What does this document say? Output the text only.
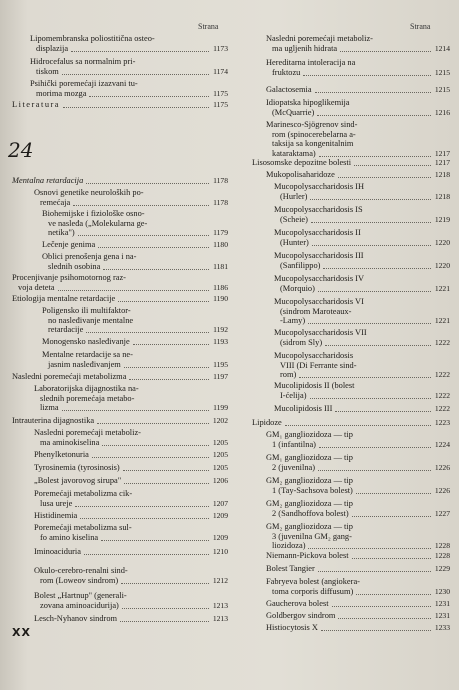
Strana
Lipomembranska poliostitična osteo-
displazija	1173
Hidrocefalus sa normalnim pri-
tiskom	1174
Psihički poremećaji izazvani tu-
morima mozga	1175
Literatura	1175
Mentalna retardacija	1178
Osnovi genetike neuroloških po-
remećaja	1178
Biohemijske i fiziološke osno-
ve nasleđa („Molekularna ge-
netika")	1179
Lečenje genima	1180
Oblici prenošenja gena i na-
slednih osobina	1181
Procenjivanje psihomotornog raz-
voja deteta	1186
Etiologija mentalne retardacije	1190
Poligensko ili multifaktor-
no nasleđivanje mentalne
retardacije	1192
Monogensko nasleđivanje	1193
Mentalne retardacije sa ne-
jasnim nasleđivanjem	1195
Nasledni poremećaji metabolizma	1197
Laboratorijska dijagnostika na-
slednih poremećaja metabo-
lizma	1199
Intrauterina dijagnostika	1202
Nasledni poremećaji metaboliz-
ma aminokiselina	1205
Phenylketonuria	1205
Tyrosinemia (tyrosinosis)	1205
„Bolest javorovog sirupa"	1206
Poremećaji metabolizma cik-
lusa ureje	1207
Histidinemia	1209
Poremećaji metabolizma sul-
fo amino kiselina	1209
Iminoaciduria	1210
Okulo-cerebro-renalni sind-
rom (Loweov sindrom)	1212
Bolest „Hartnup" (generali-
zovana aminoacidurija)	1213
Lesch-Nyhanov sindrom	1213
24
Strana
Nasledni poremećaji metaboliz-
ma ugljenih hidrata	1214
Hereditarna intoleracija na
fruktozu	1215
Galactosemia	1215
Idiopatska hipoglikemija
(McQuarrie)	1216
Marinesco-Sjögrenov sind-
rom (spinocerebelarna a-
taksija sa kongenitalnim
kataraktama)	1217
Lisosomske depozitne bolesti	1217
Mukopolisaharidoze	1218
Mucopolysaccharidosis IH
(Hurler)	1218
Mucopolysaccharidosis IS
(Scheie)	1219
Mucopolysaccharidosis II
(Hunter)	1220
Mucopolysaccharidosis III
(Sanfilippo)	1220
Mucopolysaccharidosis IV
(Morquio)	1221
Mucopolysaccharidosis VI
(sindrom Maroteaux-
-Lamy)	1221
Mucopolysaccharidosis VII
(sidrom Sly)	1222
Mucopolysaccharidosis
VIII (Di Ferrante sind-
rom)	1222
Mucolipidosis II (bolest
I-ćelija)	1222
Mucolipidosis III	1222
Lipidoze	1223
GM₁ gangliozidoza — tip
1 (infantilna)	1224
GM₁ gangliozidoza — tip
2 (juvenilna)	1226
GM₂ gangliozidoza — tip
1 (Tay-Sachsova bolest)	1226
GM₂ gangliozidoza — tip
2 (Sandhoffova bolest)	1227
GM₂ gangliozidoza — tip
3 (juvenilna GM₂ gang-
liozidoza)	1228
Niemann-Pickova bolest	1228
Bolest Tangier	1229
Fabryeva bolest (angiokera-
toma corporis diffusum)	1230
Gaucherova bolest	1231
Goldbergov sindrom	1231
Histiocytosis X	1233
XX
